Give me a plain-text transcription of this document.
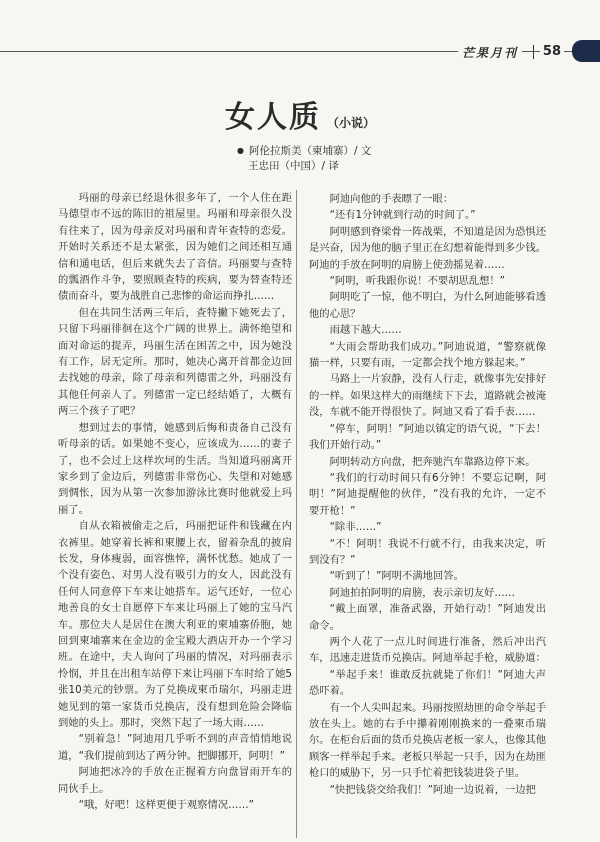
芒果月刊	58
女人质 （小说）
● 阿伦拉斯美（柬埔寨）/ 文
王忠田（中国）/ 译

玛丽的母亲已经退休很多年了，一个人住在距马德望市不远的陈旧的祖屋里。玛丽和母亲很久没有往来了，因为母亲反对玛丽和青年查特的恋爱。开始时关系还不是太紧张，因为她们之间还相互通信和通电话，但后来就失去了音信。玛丽要与查特的瓢酒作斗争，要照顾查特的疾病，要为替查特还债而奋斗，要为战胜自己悲惨的命运而挣扎……

但在共同生活两三年后，查特撇下她死去了，只留下玛丽徘徊在这个广阔的世界上。满怀绝望和面对命运的捉弄，玛丽生活在困苦之中，因为她没有工作，居无定所。那时，她决心离开首都金边回去找她的母亲，除了母亲和列德雷之外，玛丽没有其他任何亲人了。列德雷一定已经结婚了，大概有两三个孩子了吧？

想到过去的事情，她感到后悔和责备自己没有听母亲的话。如果她不变心，应该成为……的妻子了，也不会过上这样坎坷的生活。当知道玛丽离开家乡到了金边后，列德雷非常伤心、失望和对她感到惆怅，因为从第一次参加游泳比赛时他就爱上玛丽了。

自从衣箱被偷走之后，玛丽把证件和钱藏在内衣裤里。她穿着长裤和柬腰上衣，留着杂乱的披肩长发，身体瘦弱，面容憔悴，满怀忧愁。她成了一个没有姿色、对男人没有吸引力的女人，因此没有任何人同意停下车来让她搭车。运气还好，一位心地善良的女士自愿停下车来让玛丽上了她的宝马汽车。那位夫人是居住在澳大利亚的柬埔寨侨胞，她回到柬埔寨来在金边的金宝殿大酒店开办一个学习班。在途中，夫人询问了玛丽的情况，对玛丽表示怜悯，并且在出租车站停下来让玛丽下车时给了她5张10美元的钞票。为了兑换成柬币瑞尔，玛丽走进她见到的第一家货币兑换店，没有想到危险会降临到她的头上。那时，突然下起了一场大雨……

“别着急！”阿迪用几乎听不到的声音悄悄地说道，“我们提前到达了两分钟。把脚挪开，阿明！”

阿迪把冰冷的手放在正握着方向盘冒雨开车的同伙手上。

“哦，好吧！这样更便于观察情况……”

阿迪向他的手表瞟了一眼：

“还有1分钟就到行动的时间了。”

阿明感到脊梁骨一阵战栗，不知道是因为恐惧还是兴奋，因为他的脑子里正在幻想着能得到多少钱。阿迪的手放在阿明的肩膀上使劲摇晃着……

“阿明，听我跟你说！不要胡思乱想！”

阿明吃了一惊，他不明白，为什么阿迪能够看透他的心思？

雨越下越大……

“大雨会帮助我们成功。”阿迪说道，“警察就像猫一样，只要有雨，一定都会找个地方躲起来。”

马路上一片寂静，没有人行走，就像事先安排好的一样。如果这样大的雨继续下下去，道路就会被淹没，车就不能开得很快了。阿迪又看了看手表……

“停车，阿明！”阿迪以镇定的语气说，“下去！我们开始行动。”

阿明转动方向盘，把奔驰汽车靠路边停下来。

“我们的行动时间只有6分钟！不要忘记啊，阿明！”阿迪提醒他的伙伴，“没有我的允许，一定不要开枪！”

“除非……”

“不！阿明！我说不行就不行，由我来决定，听到没有？”

“听到了！”阿明不满地回答。

阿迪拍拍阿明的肩膀，表示亲切友好……

“戴上面罩，准备武器，开始行动！”阿迪发出命令。

两个人花了一点儿时间进行准备，然后冲出汽车，迅速走进货币兑换店。阿迪举起手枪，威胁道：

“举起手来！谁敢反抗就毙了你们！”阿迪大声恐吓着。

有一个人尖叫起来。玛丽按照劫匪的命令举起手放在头上。她的右手中攥着刚刚换来的一叠柬币瑞尔。在柜台后面的货币兑换店老板一家人，也像其他顾客一样举起手来。老板只举起一只手，因为在劫匪枪口的威胁下，另一只手忙着把钱装进袋子里。

“快把钱袋交给我们！”阿迪一边说着，一边把
